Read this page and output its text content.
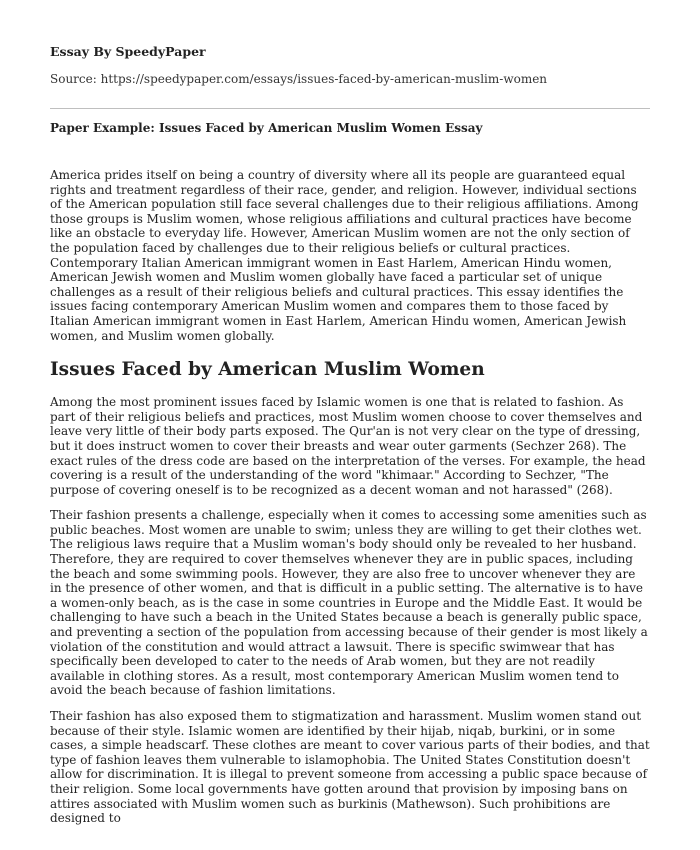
Essay By SpeedyPaper
Source: https://speedypaper.com/essays/issues-faced-by-american-muslim-women
Paper Example: Issues Faced by American Muslim Women Essay

America prides itself on being a country of diversity where all its people are guaranteed equal rights and treatment regardless of their race, gender, and religion. However, individual sections of the American population still face several challenges due to their religious affiliations. Among those groups is Muslim women, whose religious affiliations and cultural practices have become like an obstacle to everyday life. However, American Muslim women are not the only section of the population faced by challenges due to their religious beliefs or cultural practices. Contemporary Italian American immigrant women in East Harlem, American Hindu women, American Jewish women and Muslim women globally have faced a particular set of unique challenges as a result of their religious beliefs and cultural practices. This essay identifies the issues facing contemporary American Muslim women and compares them to those faced by Italian American immigrant women in East Harlem, American Hindu women, American Jewish women, and Muslim women globally.

Issues Faced by American Muslim Women

Among the most prominent issues faced by Islamic women is one that is related to fashion. As part of their religious beliefs and practices, most Muslim women choose to cover themselves and leave very little of their body parts exposed. The Qur'an is not very clear on the type of dressing, but it does instruct women to cover their breasts and wear outer garments (Sechzer 268). The exact rules of the dress code are based on the interpretation of the verses. For example, the head covering is a result of the understanding of the word "khimaar." According to Sechzer, "The purpose of covering oneself is to be recognized as a decent woman and not harassed" (268).

Their fashion presents a challenge, especially when it comes to accessing some amenities such as public beaches. Most women are unable to swim; unless they are willing to get their clothes wet. The religious laws require that a Muslim woman's body should only be revealed to her husband. Therefore, they are required to cover themselves whenever they are in public spaces, including the beach and some swimming pools. However, they are also free to uncover whenever they are in the presence of other women, and that is difficult in a public setting. The alternative is to have a women-only beach, as is the case in some countries in Europe and the Middle East. It would be challenging to have such a beach in the United States because a beach is generally public space, and preventing a section of the population from accessing because of their gender is most likely a violation of the constitution and would attract a lawsuit. There is specific swimwear that has specifically been developed to cater to the needs of Arab women, but they are not readily available in clothing stores. As a result, most contemporary American Muslim women tend to avoid the beach because of fashion limitations.

Their fashion has also exposed them to stigmatization and harassment. Muslim women stand out because of their style. Islamic women are identified by their hijab, niqab, burkini, or in some cases, a simple headscarf. These clothes are meant to cover various parts of their bodies, and that type of fashion leaves them vulnerable to islamophobia. The United States Constitution doesn't allow for discrimination. It is illegal to prevent someone from accessing a public space because of their religion. Some local governments have gotten around that provision by imposing bans on attires associated with Muslim women such as burkinis (Mathewson). Such prohibitions are designed to
